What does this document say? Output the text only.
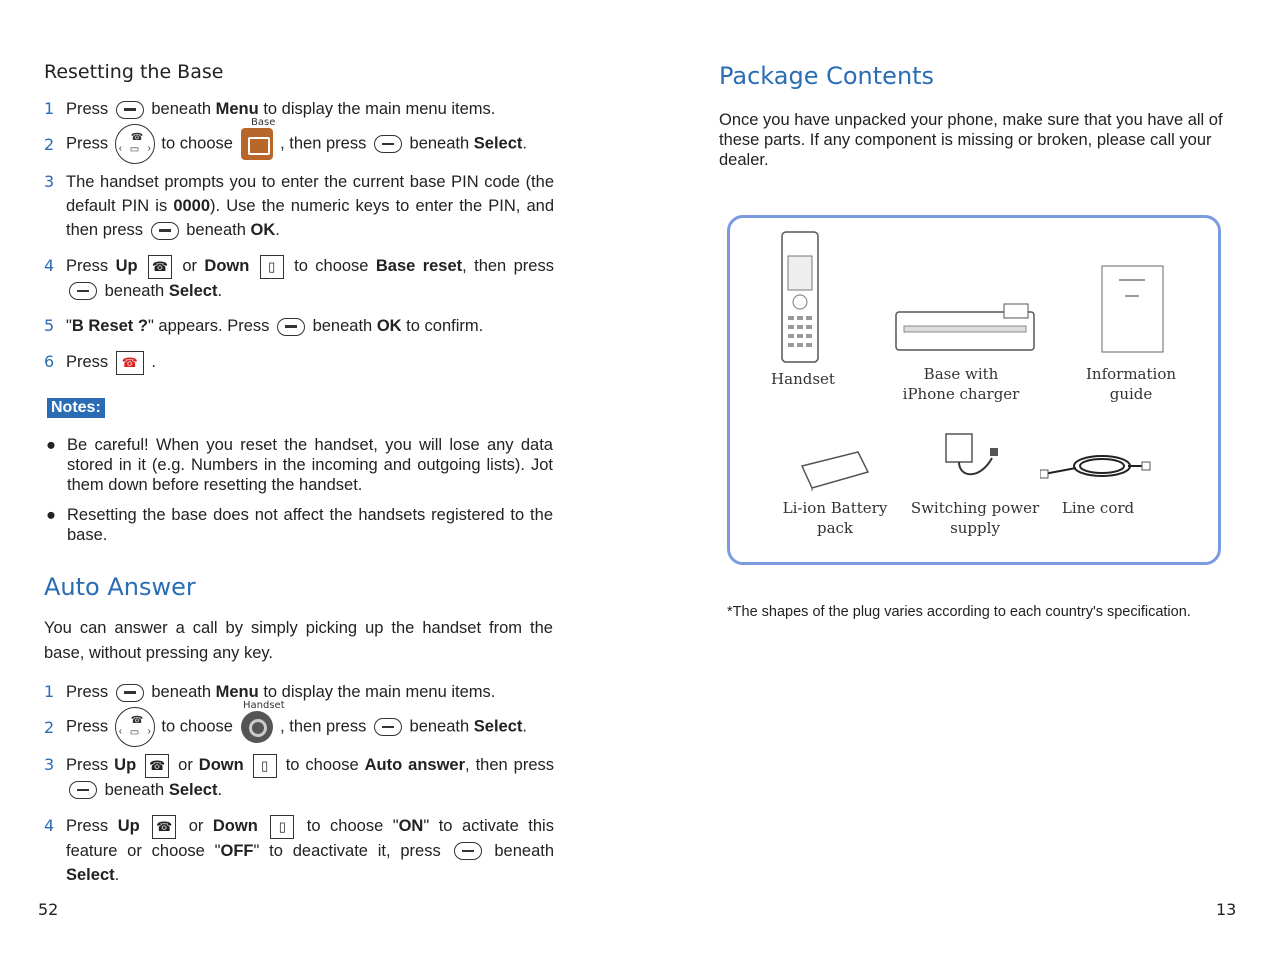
Resetting the Base
1 Press	beneath Menu to display the main menu items.
2 Press ☎
‹	›
▭ to choose	, then press	beneath Select.
Base
3 The handset prompts you to enter the current base PIN code (the default PIN is 0000). Use the numeric keys to enter the PIN, and then press	beneath OK.
4 Press Up ☎ or Down ▯ to choose Base reset, then press  beneath Select.
5 "B Reset ?" appears. Press	beneath OK to confirm.
6 Press ☎ .
Notes:
● Be careful! When you reset the handset, you will lose any data stored in it (e.g. Numbers in the incoming and outgoing lists). Jot them down before resetting the handset.
● Resetting the base does not affect the handsets registered to the base.
Auto Answer
You can answer a call by simply picking up the handset from the base, without pressing any key.
1 Press	beneath Menu to display the main menu items.
2 Press ☎
‹	›
▭ to choose	, then press	beneath Select.
Handset
3 Press Up ☎ or Down ▯ to choose Auto answer, then press  beneath Select.
4 Press Up ☎ or Down ▯ to choose "ON" to activate this feature or choose "OFF" to deactivate it, press	beneath Select.
52
Package Contents
Once you have unpacked your phone, make sure that you have all of these parts. If any component is missing or broken, please call your dealer.
Handset	Base with
iPhone charger
Information
guide
Li-ion Battery
pack
Switching power
supply
Line cord
*The shapes of the plug varies according to each country's specification.
13
